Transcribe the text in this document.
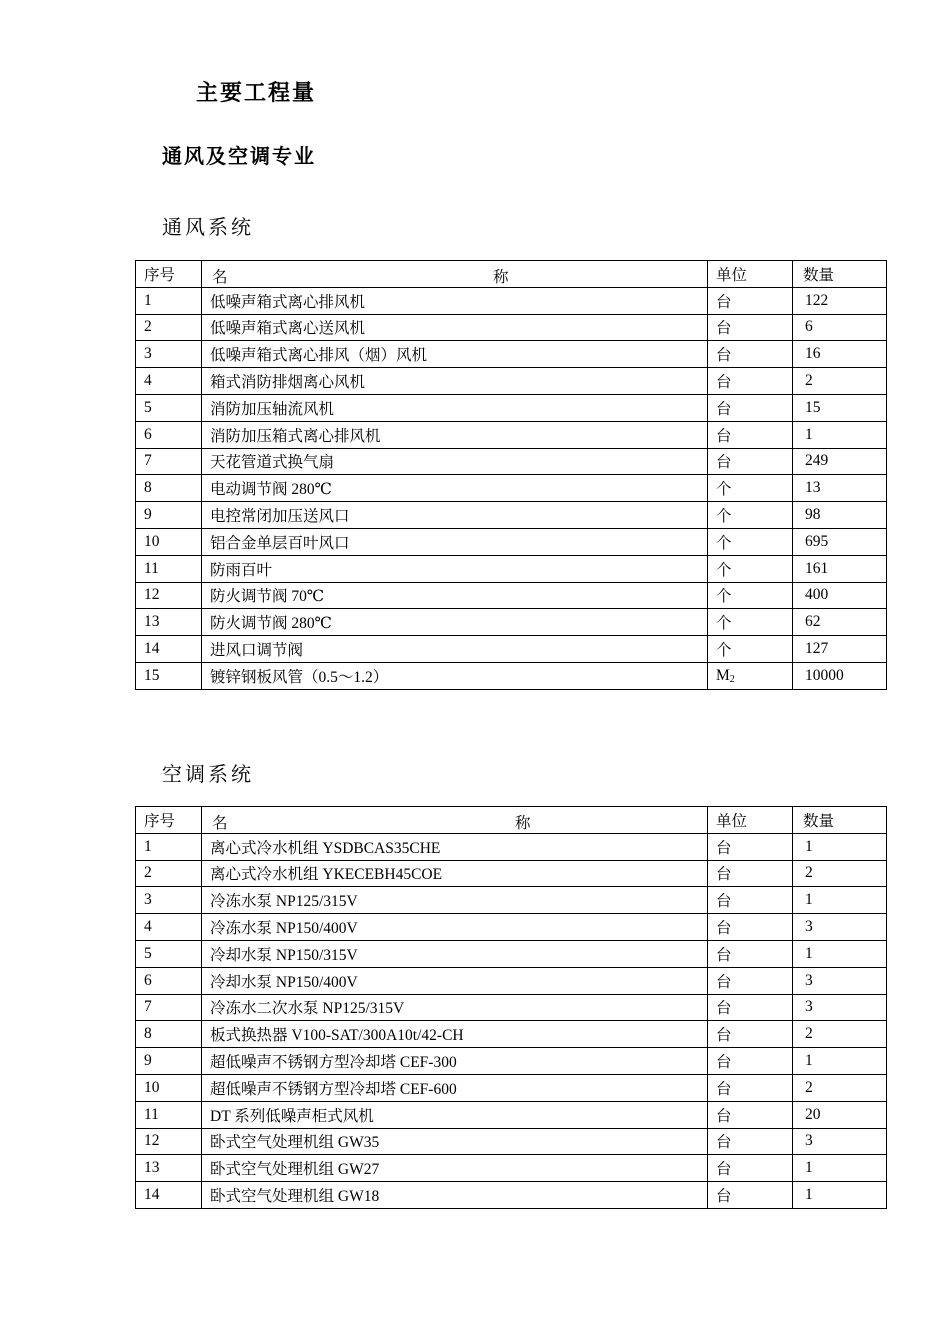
主要工程量
通风及空调专业
通风系统
序号	名 称	单位	数量
1	低噪声箱式离心排风机	台	122
2	低噪声箱式离心送风机	台	6
3	低噪声箱式离心排风（烟）风机	台	16
4	箱式消防排烟离心风机	台	2
5	消防加压轴流风机	台	15
6	消防加压箱式离心排风机	台	1
7	天花管道式换气扇	台	249
8	电动调节阀 280℃	个	13
9	电控常闭加压送风口	个	98
10	铝合金单层百叶风口	个	695
11	防雨百叶	个	161
12	防火调节阀 70℃	个	400
13	防火调节阀 280℃	个	62
14	进风口调节阀	个	127
15	镀锌钢板风管（0.5～1.2）	$M_2$	10000
空调系统
序号	名 称	单位	数量
1	离心式冷水机组 YSDBCAS35CHE	台	1
2	离心式冷水机组 YKECEBH45COE	台	2
3	冷冻水泵 NP125/315V	台	1
4	冷冻水泵 NP150/400V	台	3
5	冷却水泵 NP150/315V	台	1
6	冷却水泵 NP150/400V	台	3
7	冷冻水二次水泵 NP125/315V	台	3
8	板式换热器 V100-SAT/300A10t/42-CH	台	2
9	超低噪声不锈钢方型冷却塔 CEF-300	台	1
10	超低噪声不锈钢方型冷却塔 CEF-600	台	2
11	DT 系列低噪声柜式风机	台	20
12	卧式空气处理机组 GW35	台	3
13	卧式空气处理机组 GW27	台	1
14	卧式空气处理机组 GW18	台	1
